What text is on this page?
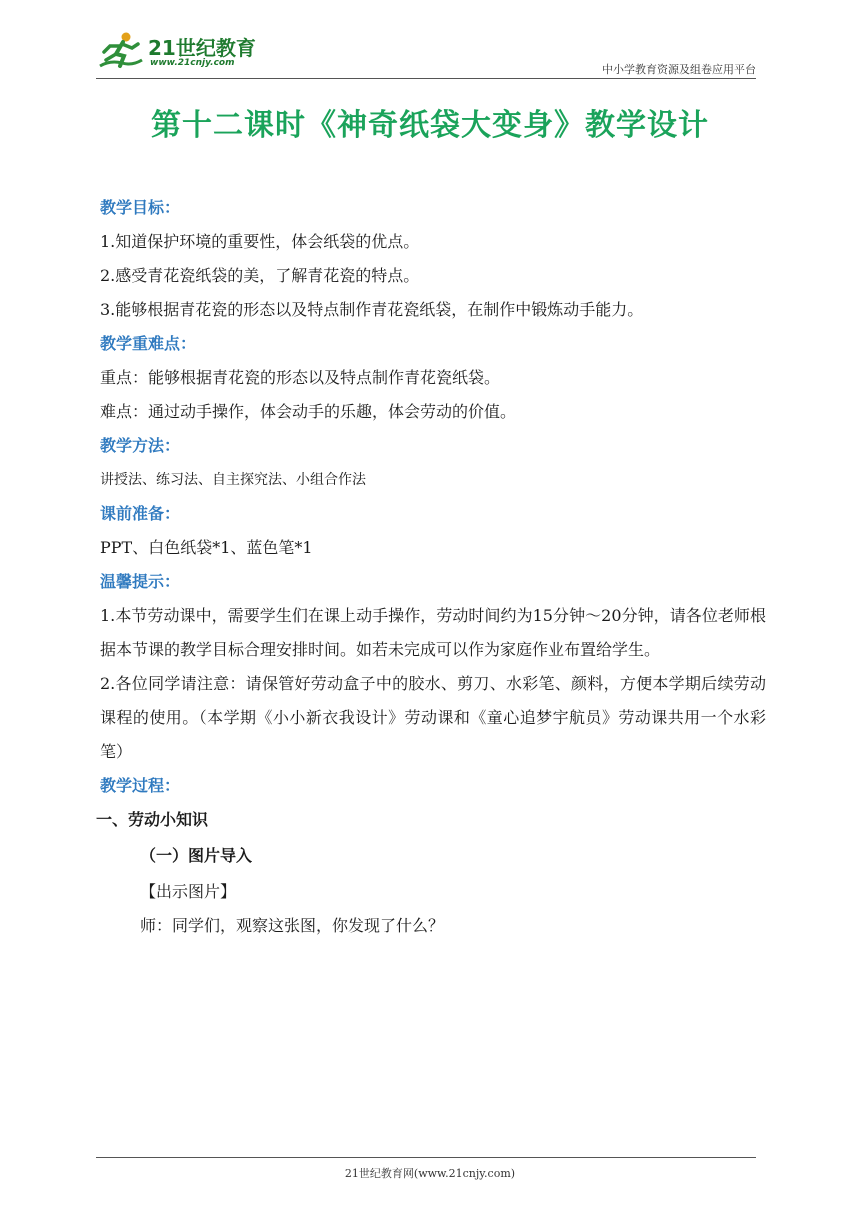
21世纪教育
www.21cnjy.com	中小学教育资源及组卷应用平台
第十二课时《神奇纸袋大变身》教学设计
教学目标：
1.知道保护环境的重要性，体会纸袋的优点。
2.感受青花瓷纸袋的美，了解青花瓷的特点。
3.能够根据青花瓷的形态以及特点制作青花瓷纸袋，在制作中锻炼动手能力。
教学重难点：
重点：能够根据青花瓷的形态以及特点制作青花瓷纸袋。
难点：通过动手操作，体会动手的乐趣，体会劳动的价值。
教学方法：
讲授法、练习法、自主探究法、小组合作法
课前准备：
PPT、白色纸袋*1、蓝色笔*1
温馨提示：
1.本节劳动课中，需要学生们在课上动手操作，劳动时间约为15分钟～20分钟，请各位老师根据本节课的教学目标合理安排时间。如若未完成可以作为家庭作业布置给学生。
2.各位同学请注意：请保管好劳动盒子中的胶水、剪刀、水彩笔、颜料，方便本学期后续劳动课程的使用。（本学期《小小新衣我设计》劳动课和《童心追梦宇航员》劳动课共用一个水彩笔）
教学过程：
一、劳动小知识
（一）图片导入
【出示图片】
师：同学们，观察这张图，你发现了什么？
21世纪教育网(www.21cnjy.com)
